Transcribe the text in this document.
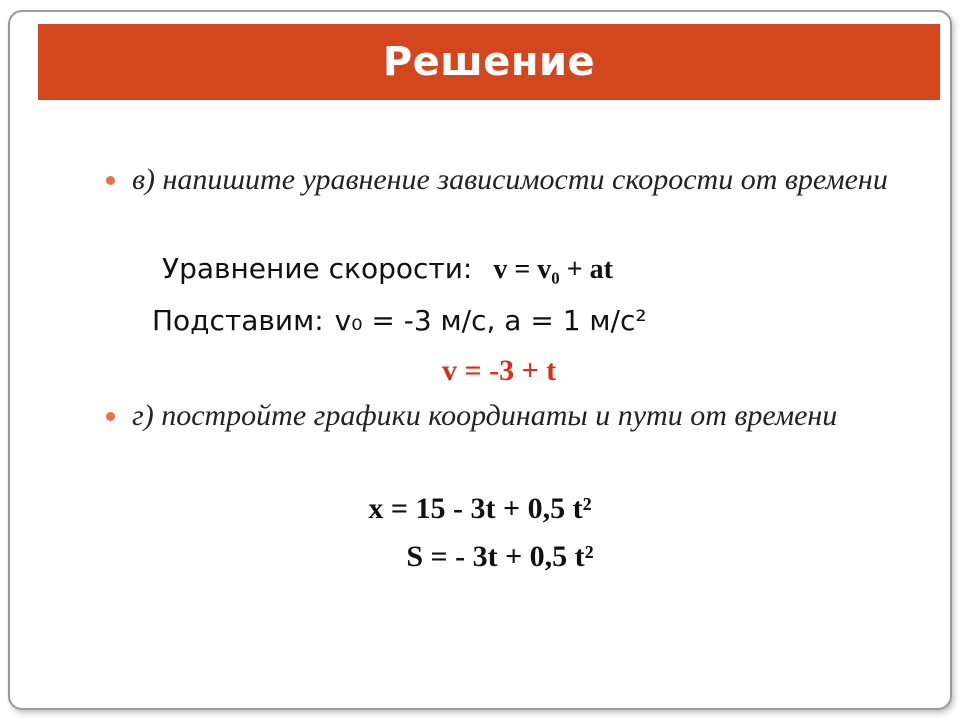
Решение
в) напишите уравнение зависимости скорости от времени
Уравнение скорости: v = v₀ + at
Подставим: v₀ = -3 м/с, а = 1 м/с²
v = -3 + t
г) постройте графики координаты и пути от времени
x = 15 - 3t + 0,5 t²
S = - 3t + 0,5 t²
